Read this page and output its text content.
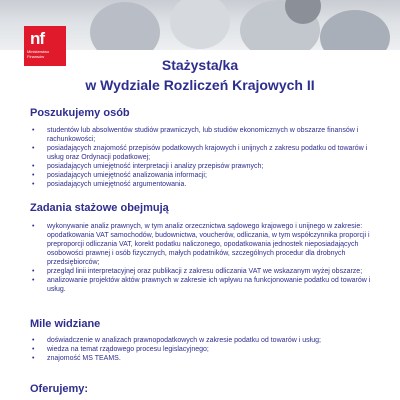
nf
Ministerstwo Finansów
Stażysta/ka
w Wydziale Rozliczeń Krajowych II
Poszukujemy osób
• studentów lub absolwentów studiów prawniczych, lub studiów ekonomicznych w obszarze finansów i rachunkowości;
• posiadających znajomość przepisów podatkowych krajowych i unijnych z zakresu podatku od towarów i usług oraz Ordynacji podatkowej;
• posiadających umiejętność interpretacji i analizy przepisów prawnych;
• posiadających umiejętność analizowania informacji;
• posiadających umiejętność argumentowania.
Zadania stażowe obejmują
• wykonywanie analiz prawnych, w tym analiz orzecznictwa sądowego krajowego i unijnego w zakresie: opodatkowania VAT samochodów, budownictwa, voucherów, odliczania, w tym współczynnika proporcji i preproporcji odliczania VAT, korekt podatku naliczonego, opodatkowania jednostek nieposiadających osobowości prawnej i osób fizycznych, małych podatników, szczególnych procedur dla drobnych przedsiębiorców;
• przegląd linii interpretacyjnej oraz publikacji z zakresu odliczania VAT we wskazanym wyżej obszarze;
• analizowanie projektów aktów prawnych w zakresie ich wpływu na funkcjonowanie podatku od towarów i usług.
Mile widziane
• doświadczenie w analizach prawnopodatkowych w zakresie podatku od towarów i usług;
• wiedza na temat rządowego procesu legislacyjnego;
• znajomość MS TEAMS.
Oferujemy:
